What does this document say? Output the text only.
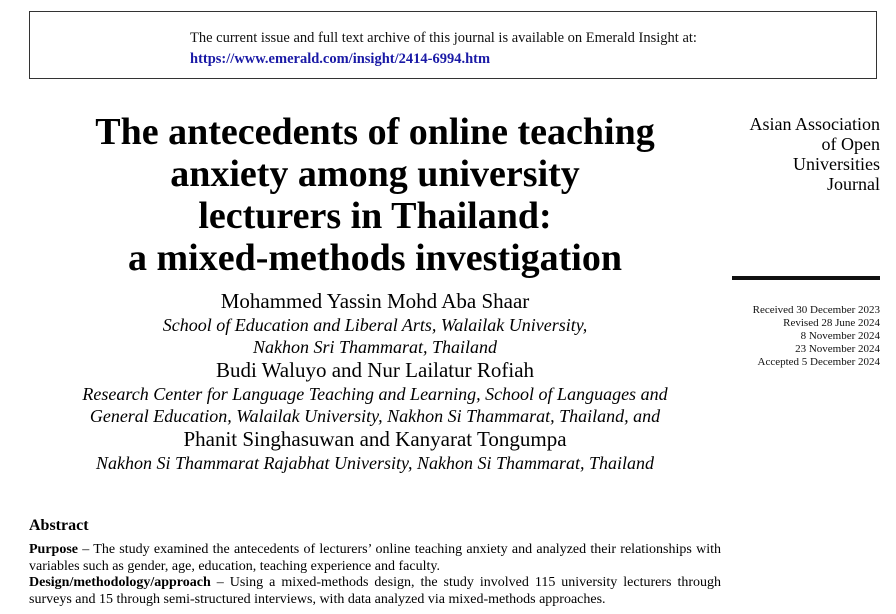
The current issue and full text archive of this journal is available on Emerald Insight at:
https://www.emerald.com/insight/2414-6994.htm
The antecedents of online teaching
anxiety among university
lecturers in Thailand:
a mixed-methods investigation
Asian Association
of Open
Universities
Journal
Received 30 December 2023
Revised 28 June 2024
8 November 2024
23 November 2024
Accepted 5 December 2024
Mohammed Yassin Mohd Aba Shaar
School of Education and Liberal Arts, Walailak University,
Nakhon Sri Thammarat, Thailand
Budi Waluyo and Nur Lailatur Rofiah
Research Center for Language Teaching and Learning, School of Languages and
General Education, Walailak University, Nakhon Si Thammarat, Thailand, and
Phanit Singhasuwan and Kanyarat Tongumpa
Nakhon Si Thammarat Rajabhat University, Nakhon Si Thammarat, Thailand
Abstract

Purpose – The study examined the antecedents of lecturers’ online teaching anxiety and analyzed their relationships with variables such as gender, age, education, teaching experience and faculty.

Design/methodology/approach – Using a mixed-methods design, the study involved 115 university lecturers through surveys and 15 through semi-structured interviews, with data analyzed via mixed-methods approaches.
